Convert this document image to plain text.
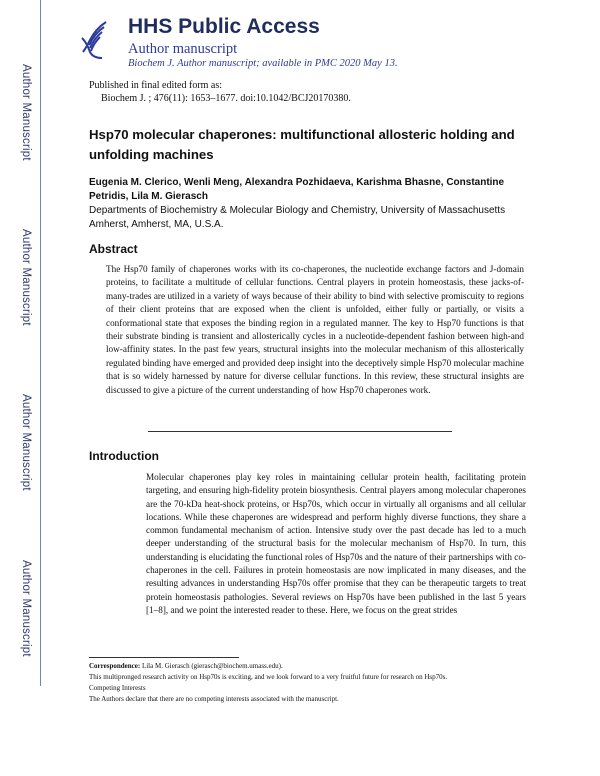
Author Manuscript
Author Manuscript
Author Manuscript
Author Manuscript
HHS Public Access
Author manuscript
Biochem J. Author manuscript; available in PMC 2020 May 13.
Published in final edited form as:
Biochem J. ; 476(11): 1653–1677. doi:10.1042/BCJ20170380.
Hsp70 molecular chaperones: multifunctional allosteric holding and unfolding machines
Eugenia M. Clerico, Wenli Meng, Alexandra Pozhidaeva, Karishma Bhasne, Constantine Petridis, Lila M. Gierasch
Departments of Biochemistry & Molecular Biology and Chemistry, University of Massachusetts Amherst, Amherst, MA, U.S.A.
Abstract

The Hsp70 family of chaperones works with its co-chaperones, the nucleotide exchange factors and J-domain proteins, to facilitate a multitude of cellular functions. Central players in protein homeostasis, these jacks-of-many-trades are utilized in a variety of ways because of their ability to bind with selective promiscuity to regions of their client proteins that are exposed when the client is unfolded, either fully or partially, or visits a conformational state that exposes the binding region in a regulated manner. The key to Hsp70 functions is that their substrate binding is transient and allosterically cycles in a nucleotide-dependent fashion between high-and low-affinity states. In the past few years, structural insights into the molecular mechanism of this allosterically regulated binding have emerged and provided deep insight into the deceptively simple Hsp70 molecular machine that is so widely harnessed by nature for diverse cellular functions. In this review, these structural insights are discussed to give a picture of the current understanding of how Hsp70 chaperones work.

Introduction

Molecular chaperones play key roles in maintaining cellular protein health, facilitating protein targeting, and ensuring high-fidelity protein biosynthesis. Central players among molecular chaperones are the 70-kDa heat-shock proteins, or Hsp70s, which occur in virtually all organisms and all cellular locations. While these chaperones are widespread and perform highly diverse functions, they share a common fundamental mechanism of action. Intensive study over the past decade has led to a much deeper understanding of the structural basis for the molecular mechanism of Hsp70. In turn, this understanding is elucidating the functional roles of Hsp70s and the nature of their partnerships with co-chaperones in the cell. Failures in protein homeostasis are now implicated in many diseases, and the resulting advances in understanding Hsp70s offer promise that they can be therapeutic targets to treat protein homeostasis pathologies. Several reviews on Hsp70s have been published in the last 5 years [1–8], and we point the interested reader to these. Here, we focus on the great strides

Correspondence: Lila M. Gierasch (gierasch@biochem.umass.edu).
This multipronged research activity on Hsp70s is exciting, and we look forward to a very fruitful future for research on Hsp70s.
Competing Interests
The Authors declare that there are no competing interests associated with the manuscript.
